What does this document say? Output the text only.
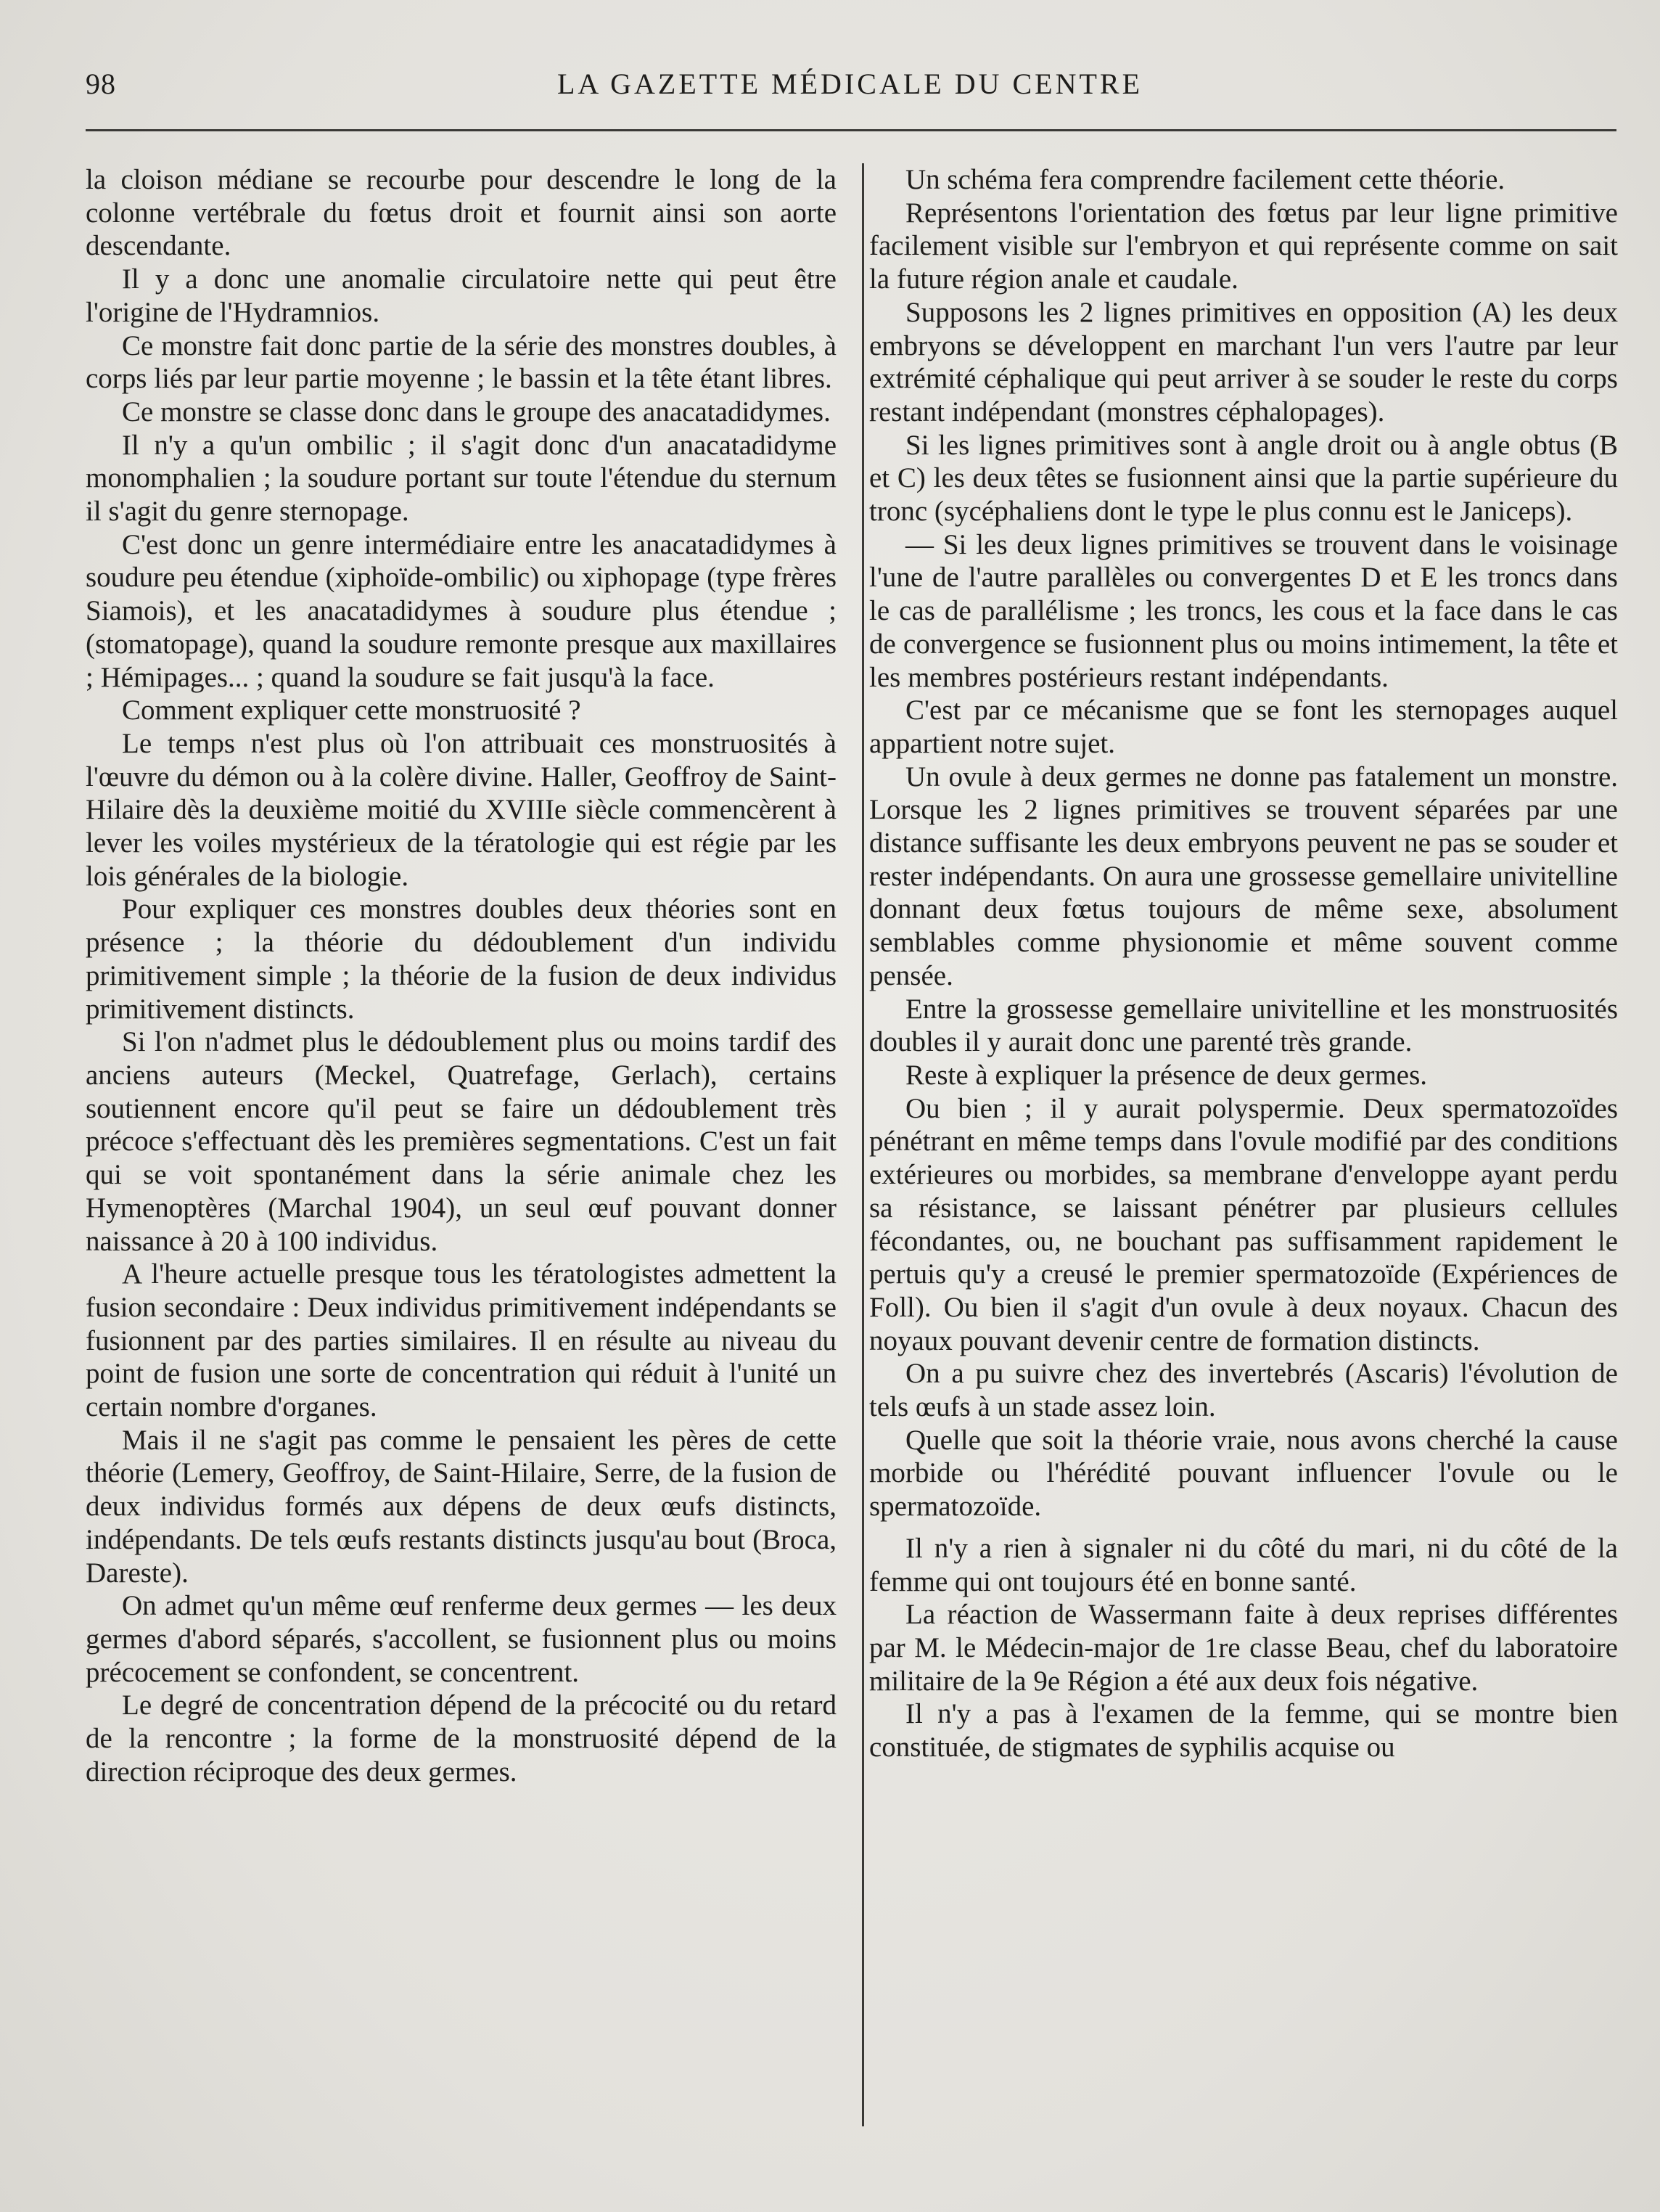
98	LA GAZETTE MÉDICALE DU CENTRE

la cloison médiane se recourbe pour descendre le long de la colonne vertébrale du fœtus droit et fournit ainsi son aorte descendante.

Il y a donc une anomalie circulatoire nette qui peut être l'origine de l'Hydramnios.

Ce monstre fait donc partie de la série des monstres doubles, à corps liés par leur partie moyenne ; le bassin et la tête étant libres.

Ce monstre se classe donc dans le groupe des anacatadidymes.

Il n'y a qu'un ombilic ; il s'agit donc d'un anacatadidyme monomphalien ; la soudure portant sur toute l'étendue du sternum il s'agit du genre sternopage.

C'est donc un genre intermédiaire entre les anacatadidymes à soudure peu étendue (xiphoïde-ombilic) ou xiphopage (type frères Siamois), et les anacatadidymes à soudure plus étendue ; (stomatopage), quand la soudure remonte presque aux maxillaires ; Hémipages... ; quand la soudure se fait jusqu'à la face.

Comment expliquer cette monstruosité ?

Le temps n'est plus où l'on attribuait ces monstruosités à l'œuvre du démon ou à la colère divine. Haller, Geoffroy de Saint-Hilaire dès la deuxième moitié du XVIIIe siècle commencèrent à lever les voiles mystérieux de la tératologie qui est régie par les lois générales de la biologie.

Pour expliquer ces monstres doubles deux théories sont en présence ; la théorie du dédoublement d'un individu primitivement simple ; la théorie de la fusion de deux individus primitivement distincts.

Si l'on n'admet plus le dédoublement plus ou moins tardif des anciens auteurs (Meckel, Quatrefage, Gerlach), certains soutiennent encore qu'il peut se faire un dédoublement très précoce s'effectuant dès les premières segmentations. C'est un fait qui se voit spontanément dans la série animale chez les Hymenoptères (Marchal 1904), un seul œuf pouvant donner naissance à 20 à 100 individus.

A l'heure actuelle presque tous les tératologistes admettent la fusion secondaire : Deux individus primitivement indépendants se fusionnent par des parties similaires. Il en résulte au niveau du point de fusion une sorte de concentration qui réduit à l'unité un certain nombre d'organes.

Mais il ne s'agit pas comme le pensaient les pères de cette théorie (Lemery, Geoffroy, de Saint-Hilaire, Serre, de la fusion de deux individus formés aux dépens de deux œufs distincts, indépendants. De tels œufs restants distincts jusqu'au bout (Broca, Dareste).

On admet qu'un même œuf renferme deux germes — les deux germes d'abord séparés, s'accollent, se fusionnent plus ou moins précocement se confondent, se concentrent.

Le degré de concentration dépend de la précocité ou du retard de la rencontre ; la forme de la monstruosité dépend de la direction réciproque des deux germes.

Un schéma fera comprendre facilement cette théorie.

Représentons l'orientation des fœtus par leur ligne primitive facilement visible sur l'embryon et qui représente comme on sait la future région anale et caudale.

Supposons les 2 lignes primitives en opposition (A) les deux embryons se développent en marchant l'un vers l'autre par leur extrémité céphalique qui peut arriver à se souder le reste du corps restant indépendant (monstres céphalopages).

Si les lignes primitives sont à angle droit ou à angle obtus (B et C) les deux têtes se fusionnent ainsi que la partie supérieure du tronc (sycéphaliens dont le type le plus connu est le Janiceps).

— Si les deux lignes primitives se trouvent dans le voisinage l'une de l'autre parallèles ou convergentes D et E les troncs dans le cas de parallélisme ; les troncs, les cous et la face dans le cas de convergence se fusionnent plus ou moins intimement, la tête et les membres postérieurs restant indépendants.

C'est par ce mécanisme que se font les sternopages auquel appartient notre sujet.

Un ovule à deux germes ne donne pas fatalement un monstre. Lorsque les 2 lignes primitives se trouvent séparées par une distance suffisante les deux embryons peuvent ne pas se souder et rester indépendants. On aura une grossesse gemellaire univitelline donnant deux fœtus toujours de même sexe, absolument semblables comme physionomie et même souvent comme pensée.

Entre la grossesse gemellaire univitelline et les monstruosités doubles il y aurait donc une parenté très grande.

Reste à expliquer la présence de deux germes.

Ou bien ; il y aurait polyspermie. Deux spermatozoïdes pénétrant en même temps dans l'ovule modifié par des conditions extérieures ou morbides, sa membrane d'enveloppe ayant perdu sa résistance, se laissant pénétrer par plusieurs cellules fécondantes, ou, ne bouchant pas suffisamment rapidement le pertuis qu'y a creusé le premier spermatozoïde (Expériences de Foll). Ou bien il s'agit d'un ovule à deux noyaux. Chacun des noyaux pouvant devenir centre de formation distincts.

On a pu suivre chez des invertebrés (Ascaris) l'évolution de tels œufs à un stade assez loin.

Quelle que soit la théorie vraie, nous avons cherché la cause morbide ou l'hérédité pouvant influencer l'ovule ou le spermatozoïde.

Il n'y a rien à signaler ni du côté du mari, ni du côté de la femme qui ont toujours été en bonne santé.

La réaction de Wassermann faite à deux reprises différentes par M. le Médecin-major de 1re classe Beau, chef du laboratoire militaire de la 9e Région a été aux deux fois négative.

Il n'y a pas à l'examen de la femme, qui se montre bien constituée, de stigmates de syphilis acquise ou
